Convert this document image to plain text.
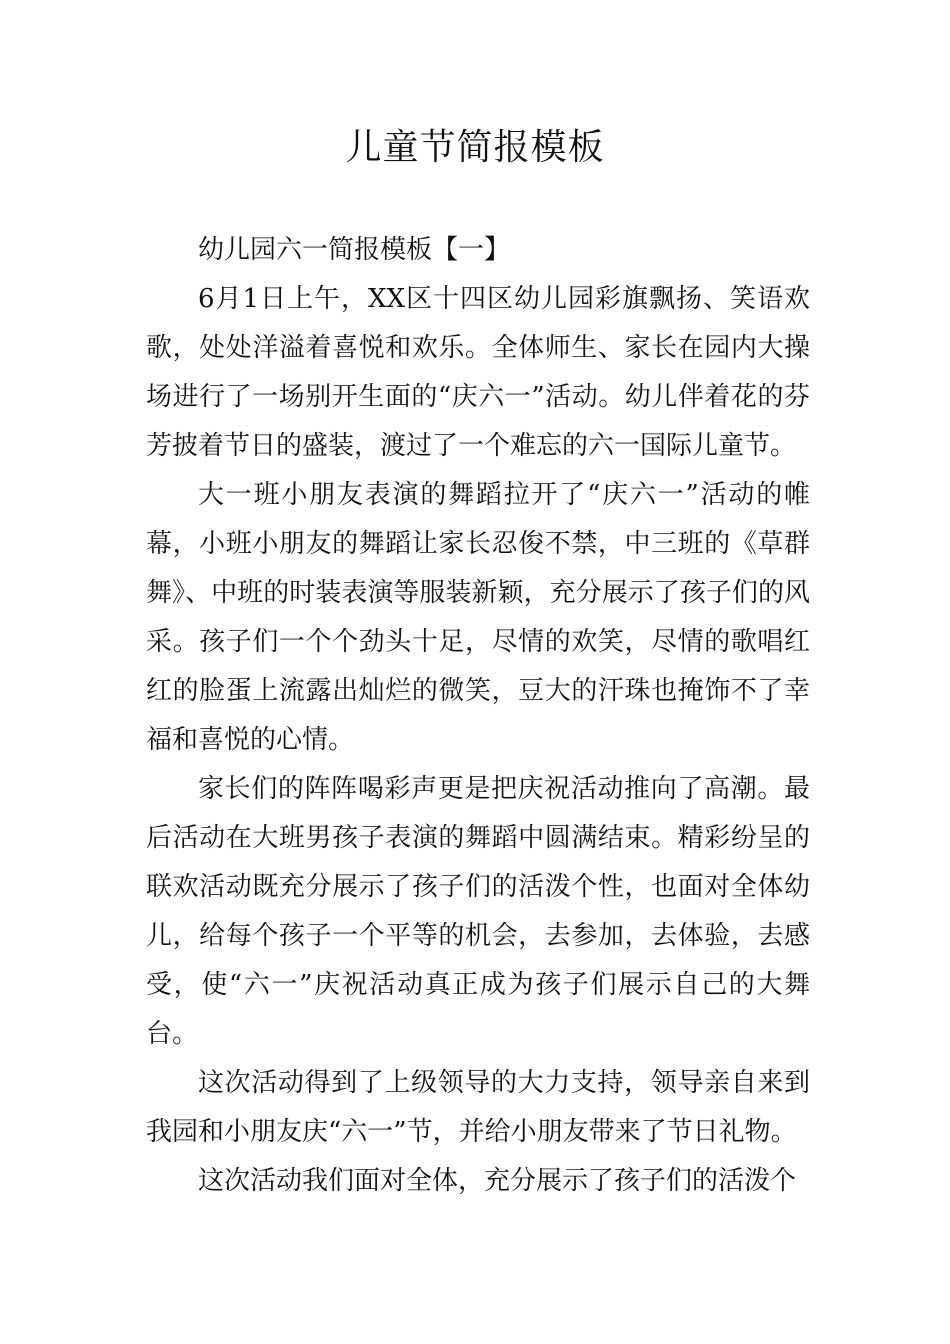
儿童节简报模板

幼儿园六一简报模板【一】

6月1日上午，XX区十四区幼儿园彩旗飘扬、笑语欢歌，处处洋溢着喜悦和欢乐。全体师生、家长在园内大操场进行了一场别开生面的“庆六一”活动。幼儿伴着花的芬芳披着节日的盛装，渡过了一个难忘的六一国际儿童节。

大一班小朋友表演的舞蹈拉开了“庆六一”活动的帷幕，小班小朋友的舞蹈让家长忍俊不禁，中三班的《草群舞》、中班的时装表演等服装新颖，充分展示了孩子们的风采。孩子们一个个劲头十足，尽情的欢笑，尽情的歌唱红红的脸蛋上流露出灿烂的微笑，豆大的汗珠也掩饰不了幸福和喜悦的心情。

家长们的阵阵喝彩声更是把庆祝活动推向了高潮。最后活动在大班男孩子表演的舞蹈中圆满结束。精彩纷呈的联欢活动既充分展示了孩子们的活泼个性，也面对全体幼儿，给每个孩子一个平等的机会，去参加，去体验，去感受，使“六一”庆祝活动真正成为孩子们展示自己的大舞台。

这次活动得到了上级领导的大力支持，领导亲自来到我园和小朋友庆“六一”节，并给小朋友带来了节日礼物。

这次活动我们面对全体，充分展示了孩子们的活泼个
